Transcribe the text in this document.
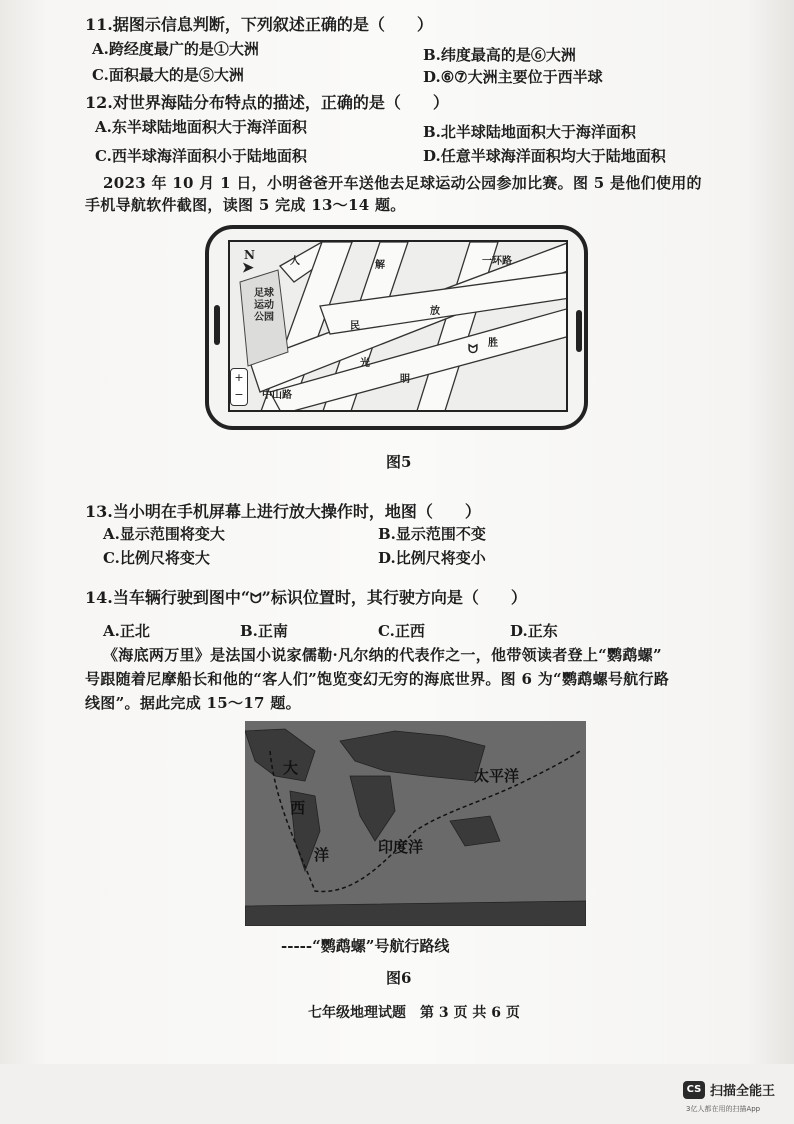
11.据图示信息判断，下列叙述正确的是（　　）
A.跨经度最广的是①大洲	B.纬度最高的是⑥大洲
C.面积最大的是⑤大洲	D.⑥⑦大洲主要位于西半球
12.对世界海陆分布特点的描述，正确的是（　　）
A.东半球陆地面积大于海洋面积	B.北半球陆地面积大于海洋面积
C.西半球海洋面积小于陆地面积	D.任意半球海洋面积均大于陆地面积
2023 年 10 月 1 日，小明爸爸开车送他去足球运动公园参加比赛。图 5 是他们使用的
手机导航软件截图，读图 5 完成 13～14 题。
N
➤
足球运动公园
人	解	一环路
民
放
胜
光
明
中山路
ᗢ
+
−
图5
13.当小明在手机屏幕上进行放大操作时，地图（　　）
A.显示范围将变大	B.显示范围不变
C.比例尺将变大	D.比例尺将变小
14.当车辆行驶到图中“ᗢ”标识位置时，其行驶方向是（　　）
A.正北	B.正南	C.正西	D.正东
《海底两万里》是法国小说家儒勒·凡尔纳的代表作之一，他带领读者登上“鹦鹉螺”
号跟随着尼摩船长和他的“客人们”饱览变幻无穷的海底世界。图 6 为“鹦鹉螺号航行路
线图”。据此完成 15～17 题。
大
西
洋
太平洋
印度洋
-----“鹦鹉螺”号航行路线
图6
七年级地理试题　第 3 页 共 6 页
CS 扫描全能王
3亿人都在用的扫描App
